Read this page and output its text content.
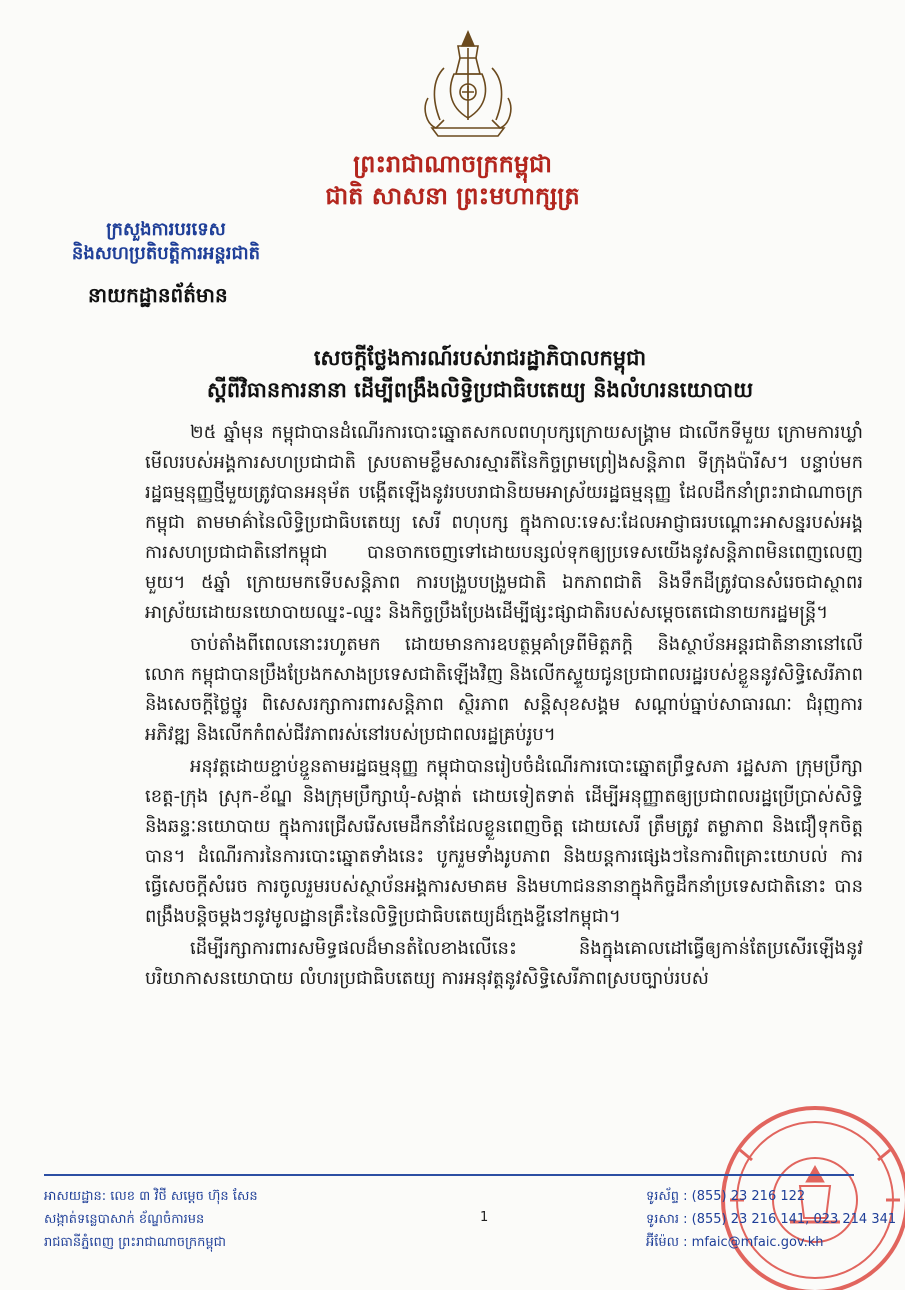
ព្រះរាជាណាចក្រកម្ពុជា
ជាតិ សាសនា ព្រះមហាក្សត្រ
ក្រសួងការបរទេស
និងសហប្រតិបត្តិការអន្តរជាតិ
នាយកដ្ឋានព័ត៌មាន
សេចក្តីថ្លែងការណ៍របស់រាជរដ្ឋាភិបាលកម្ពុជា
ស្តីពីវិធានការនានា ដើម្បីពង្រឹងលិទ្ធិប្រជាធិបតេយ្យ និងលំហរនយោបាយ

២៥ ឆ្នាំមុន កម្ពុជាបានដំណើរការបោះឆ្នោតសកលពហុបក្សក្រោយសង្គ្រាម ជាលើកទីមួយ ក្រោមការឃ្លាំមើលរបស់អង្គការសហប្រជាជាតិ ស្របតាមខ្លឹមសារស្មារតីនៃកិច្ចព្រមព្រៀងសន្តិភាព ទីក្រុងប៉ារីស។ បន្ទាប់មករដ្ឋធម្មនុញ្ញថ្មីមួយត្រូវបានអនុម័ត បង្កើតឡើងនូវរបបរាជានិយមអាស្រ័យរដ្ឋធម្មនុញ្ញ ដែលដឹកនាំព្រះរាជាណាចក្រកម្ពុជា តាមមាគ៌ានៃលិទ្ធិប្រជាធិបតេយ្យ សេរី ពហុបក្ស ក្នុងកាលៈទេសៈដែលអាជ្ញាធរបណ្តោះអាសន្នរបស់អង្គការសហប្រជាជាតិនៅកម្ពុជា បានចាកចេញទៅដោយបន្សល់ទុកឲ្យប្រទេសយើងនូវសន្តិភាពមិនពេញលេញមួយ។ ៥ឆ្នាំ ក្រោយមកទើបសន្តិភាព ការបង្រួបបង្រួមជាតិ ឯកភាពជាតិ និងទឹកដីត្រូវបានសំរេចជាស្ថាពរអាស្រ័យដោយនយោបាយឈ្នះ-ឈ្នះ និងកិច្ចប្រឹងប្រែងដើម្បីផ្សះផ្សាជាតិរបស់សម្តេចតេជោនាយករដ្ឋមន្ត្រី។

ចាប់តាំងពីពេលនោះរហូតមក ដោយមានការឧបត្ថម្ភគាំទ្រពីមិត្តភក្តិ និងស្ថាប័នអន្តរជាតិនានានៅលើលោក កម្ពុជាបានប្រឹងប្រែងកសាងប្រទេសជាតិឡើងវិញ និងលើកស្ទួយជូនប្រជាពលរដ្ឋរបស់ខ្លួននូវសិទ្ធិសេរីភាព និងសេចក្តីថ្លៃថ្នូរ ពិសេសរក្សាការពារសន្តិភាព ស្ថិរភាព សន្តិសុខសង្គម សណ្តាប់ធ្នាប់សាធារណៈ ជំរុញការអភិវឌ្ឍ និងលើកកំពស់ជីវភាពរស់នៅរបស់ប្រជាពលរដ្ឋគ្រប់រូប។

អនុវត្តដោយខ្ជាប់ខ្ជួនតាមរដ្ឋធម្មនុញ្ញ កម្ពុជាបានរៀបចំដំណើរការបោះឆ្នោតព្រឹទ្ធសភា រដ្ឋសភា ក្រុមប្រឹក្សាខេត្ត-ក្រុង ស្រុក-ខ័ណ្ឌ និងក្រុមប្រឹក្សាឃុំ-សង្កាត់ ដោយទៀតទាត់ ដើម្បីអនុញ្ញាតឲ្យប្រជាពលរដ្ឋប្រើប្រាស់សិទ្ធិ និងឆន្ទៈនយោបាយ ក្នុងការជ្រើសរើសមេដឹកនាំដែលខ្លួនពេញចិត្ត ដោយសេរី ត្រឹមត្រូវ តម្លាភាព និងជឿទុកចិត្តបាន។ ដំណើរការនៃការបោះឆ្នោតទាំងនេះ បូករួមទាំងរូបភាព និងយន្តការផ្សេងៗនៃការពិគ្រោះយោបល់ ការធ្វើសេចក្តីសំរេច ការចូលរួមរបស់ស្ថាប័នអង្គការសមាគម និងមហាជននានាក្នុងកិច្ចដឹកនាំប្រទេសជាតិនោះ បានពង្រឹងបន្តិចម្តងៗនូវមូលដ្ឋានគ្រឹះនៃលិទ្ធិប្រជាធិបតេយ្យដ៏ក្មេងខ្ចីនៅកម្ពុជា។

ដើម្បីរក្សាការពារសមិទ្ធផលដ៏មានតំលៃខាងលើនេះ និងក្នុងគោលដៅធ្វើឲ្យកាន់តែប្រសើរឡើងនូវបរិយាកាសនយោបាយ លំហរប្រជាធិបតេយ្យ ការអនុវត្តនូវសិទ្ធិសេរីភាពស្របច្បាប់របស់

អាសយដ្ឋាន: លេខ ៣ វិថី សម្តេច ហ៊ុន សែន
សង្កាត់ទន្លេបាសាក់ ខ័ណ្ឌចំការមន
រាជធានីភ្នំពេញ ព្រះរាជាណាចក្រកម្ពុជា
1
ទូរស័ព្ទ : (855) 23 216 122
ទូរសារ : (855) 23 216 141, 023 214 341
អ៊ីម៉ែល : mfaic@mfaic.gov.kh
